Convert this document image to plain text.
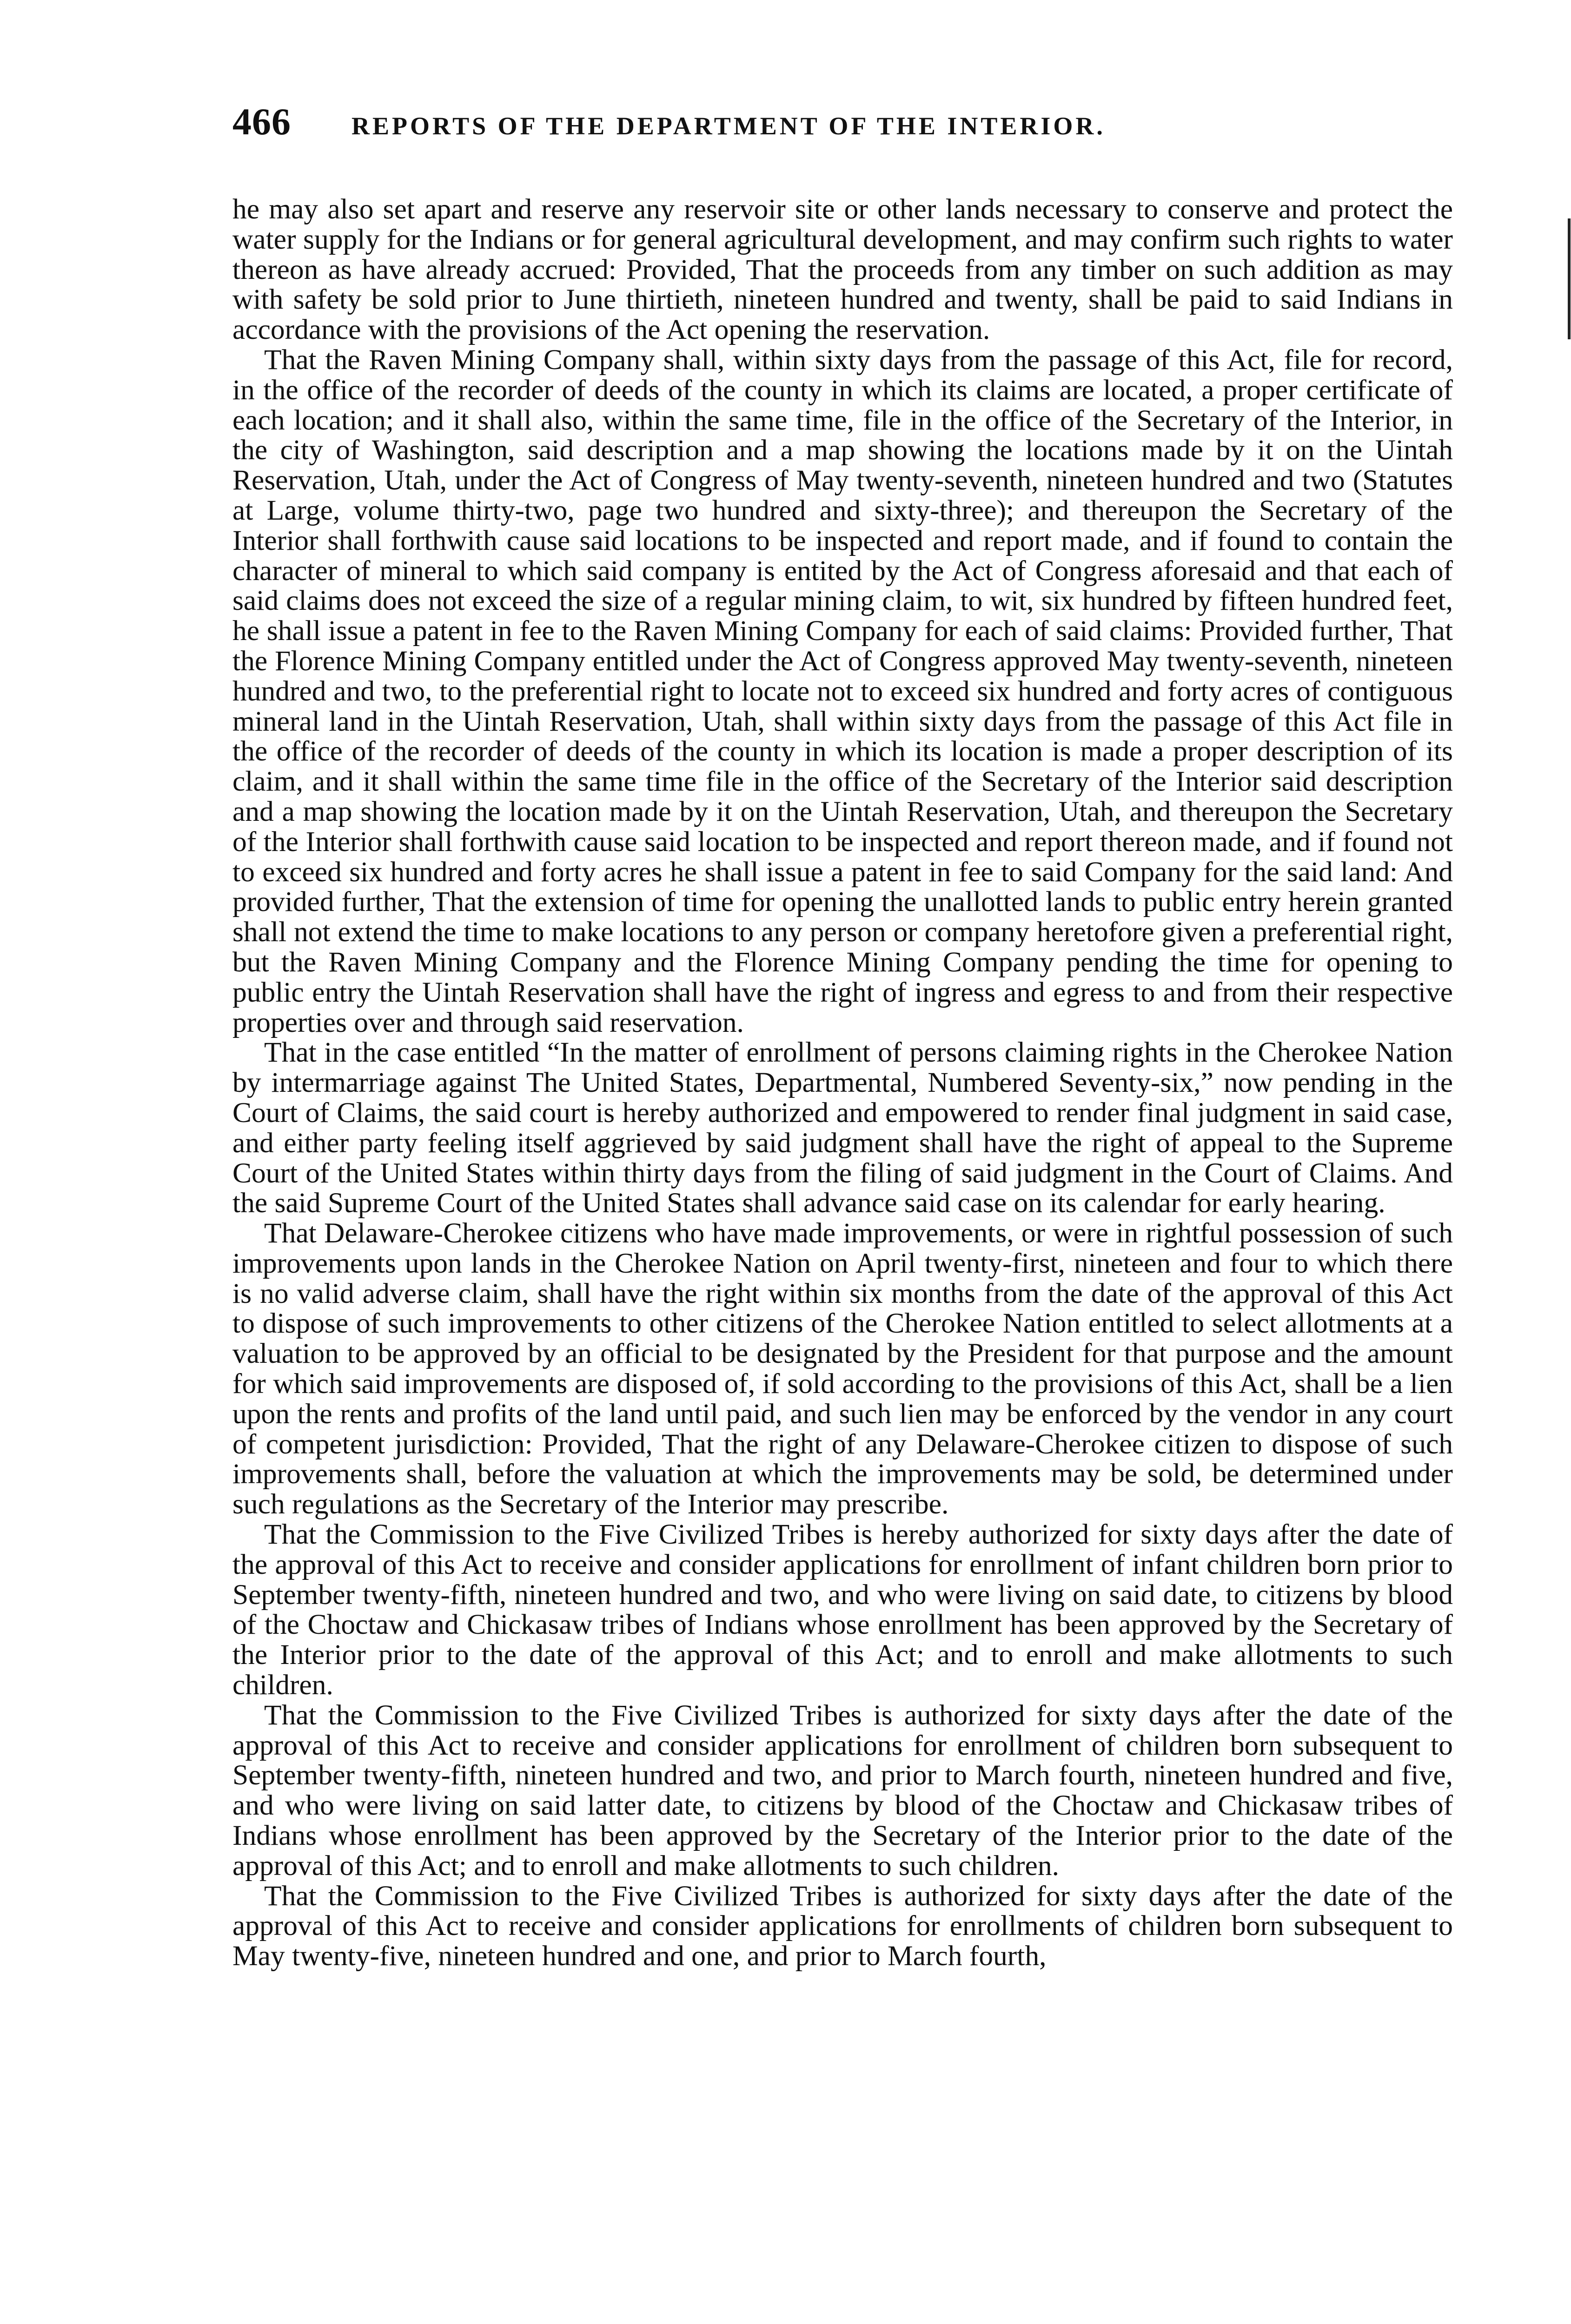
466 REPORTS OF THE DEPARTMENT OF THE INTERIOR.

he may also set apart and reserve any reservoir site or other lands necessary to conserve and protect the water supply for the Indians or for general agricultural development, and may confirm such rights to water thereon as have already accrued: Provided, That the proceeds from any timber on such addition as may with safety be sold prior to June thirtieth, nineteen hundred and twenty, shall be paid to said Indians in accordance with the provisions of the Act opening the reservation.

That the Raven Mining Company shall, within sixty days from the passage of this Act, file for record, in the office of the recorder of deeds of the county in which its claims are located, a proper certificate of each location; and it shall also, within the same time, file in the office of the Secretary of the Interior, in the city of Washington, said description and a map showing the locations made by it on the Uintah Reservation, Utah, under the Act of Congress of May twenty-seventh, nineteen hundred and two (Statutes at Large, volume thirty-two, page two hundred and sixty-three); and thereupon the Secretary of the Interior shall forthwith cause said locations to be inspected and report made, and if found to contain the character of mineral to which said company is entited by the Act of Congress aforesaid and that each of said claims does not exceed the size of a regular mining claim, to wit, six hundred by fifteen hundred feet, he shall issue a patent in fee to the Raven Mining Company for each of said claims: Provided further, That the Florence Mining Company entitled under the Act of Congress approved May twenty-seventh, nineteen hundred and two, to the preferential right to locate not to exceed six hundred and forty acres of contiguous mineral land in the Uintah Reservation, Utah, shall within sixty days from the passage of this Act file in the office of the recorder of deeds of the county in which its location is made a proper description of its claim, and it shall within the same time file in the office of the Secretary of the Interior said description and a map showing the location made by it on the Uintah Reservation, Utah, and thereupon the Secretary of the Interior shall forthwith cause said location to be inspected and report thereon made, and if found not to exceed six hundred and forty acres he shall issue a patent in fee to said Company for the said land: And provided further, That the extension of time for opening the unallotted lands to public entry herein granted shall not extend the time to make locations to any person or company heretofore given a preferential right, but the Raven Mining Company and the Florence Mining Company pending the time for opening to public entry the Uintah Reservation shall have the right of ingress and egress to and from their respective properties over and through said reservation.

That in the case entitled “In the matter of enrollment of persons claiming rights in the Cherokee Nation by intermarriage against The United States, Departmental, Numbered Seventy-six,” now pending in the Court of Claims, the said court is hereby authorized and empowered to render final judgment in said case, and either party feeling itself aggrieved by said judgment shall have the right of appeal to the Supreme Court of the United States within thirty days from the filing of said judgment in the Court of Claims. And the said Supreme Court of the United States shall advance said case on its calendar for early hearing.

That Delaware-Cherokee citizens who have made improvements, or were in rightful possession of such improvements upon lands in the Cherokee Nation on April twenty-first, nineteen and four to which there is no valid adverse claim, shall have the right within six months from the date of the approval of this Act to dispose of such improvements to other citizens of the Cherokee Nation entitled to select allotments at a valuation to be approved by an official to be designated by the President for that purpose and the amount for which said improvements are disposed of, if sold according to the provisions of this Act, shall be a lien upon the rents and profits of the land until paid, and such lien may be enforced by the vendor in any court of competent jurisdiction: Provided, That the right of any Delaware-Cherokee citizen to dispose of such improvements shall, before the valuation at which the improvements may be sold, be determined under such regulations as the Secretary of the Interior may prescribe.

That the Commission to the Five Civilized Tribes is hereby authorized for sixty days after the date of the approval of this Act to receive and consider applications for enrollment of infant children born prior to September twenty-fifth, nineteen hundred and two, and who were living on said date, to citizens by blood of the Choctaw and Chickasaw tribes of Indians whose enrollment has been approved by the Secretary of the Interior prior to the date of the approval of this Act; and to enroll and make allotments to such children.

That the Commission to the Five Civilized Tribes is authorized for sixty days after the date of the approval of this Act to receive and consider applications for enrollment of children born subsequent to September twenty-fifth, nineteen hundred and two, and prior to March fourth, nineteen hundred and five, and who were living on said latter date, to citizens by blood of the Choctaw and Chickasaw tribes of Indians whose enrollment has been approved by the Secretary of the Interior prior to the date of the approval of this Act; and to enroll and make allotments to such children.

That the Commission to the Five Civilized Tribes is authorized for sixty days after the date of the approval of this Act to receive and consider applications for enrollments of children born subsequent to May twenty-five, nineteen hundred and one, and prior to March fourth,
